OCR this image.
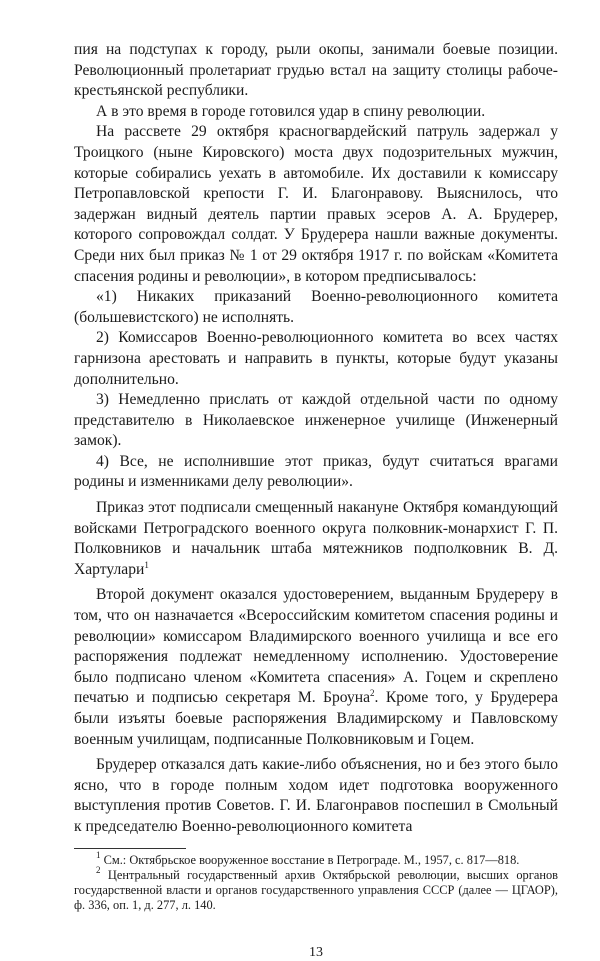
пия на подступах к городу, рыли окопы, занимали боевые позиции. Революционный пролетариат грудью встал на защиту столицы рабоче-крестьянской республики.

А в это время в городе готовился удар в спину революции.

На рассвете 29 октября красногвардейский патруль задержал у Троицкого (ныне Кировского) моста двух подозрительных мужчин, которые собирались уехать в автомобиле. Их доставили к комиссару Петропавловской крепости Г. И. Благонравову. Выяснилось, что задержан видный деятель партии правых эсеров А. А. Брудерер, которого сопровождал солдат. У Брудерера нашли важные документы. Среди них был приказ № 1 от 29 октября 1917 г. по войскам «Комитета спасения родины и революции», в котором предписывалось:

«1) Никаких приказаний Военно-революционного комитета (большевистского) не исполнять.

2) Комиссаров Военно-революционного комитета во всех частях гарнизона арестовать и направить в пункты, которые будут указаны дополнительно.

3) Немедленно прислать от каждой отдельной части по одному представителю в Николаевское инженерное училище (Инженерный замок).

4) Все, не исполнившие этот приказ, будут считаться врагами родины и изменниками делу революции».

Приказ этот подписали смещенный накануне Октября командующий войсками Петроградского военного округа полковник-монархист Г. П. Полковников и начальник штаба мятежников подполковник В. Д. Хартулари$^1$

Второй документ оказался удостоверением, выданным Брудереру в том, что он назначается «Всероссийским комитетом спасения родины и революции» комиссаром Владимирского военного училища и все его распоряжения подлежат немедленному исполнению. Удостоверение было подписано членом «Комитета спасения» А. Гоцем и скреплено печатью и подписью секретаря М. Броуна$^2$. Кроме того, у Брудерера были изъяты боевые распоряжения Владимирскому и Павловскому военным училищам, подписанные Полковниковым и Гоцем.

Брудерер отказался дать какие-либо объяснения, но и без этого было ясно, что в городе полным ходом идет подготовка вооруженного выступления против Советов. Г. И. Благонравов поспешил в Смольный к председателю Военно-революционного комитета

$^1$ См.: Октябрьское вооруженное восстание в Петрограде. М., 1957, с. 817—818.

$^2$ Центральный государственный архив Октябрьской революции, высших органов государственной власти и органов государственного управления СССР (далее — ЦГАОР), ф. 336, оп. 1, д. 277, л. 140.

13
